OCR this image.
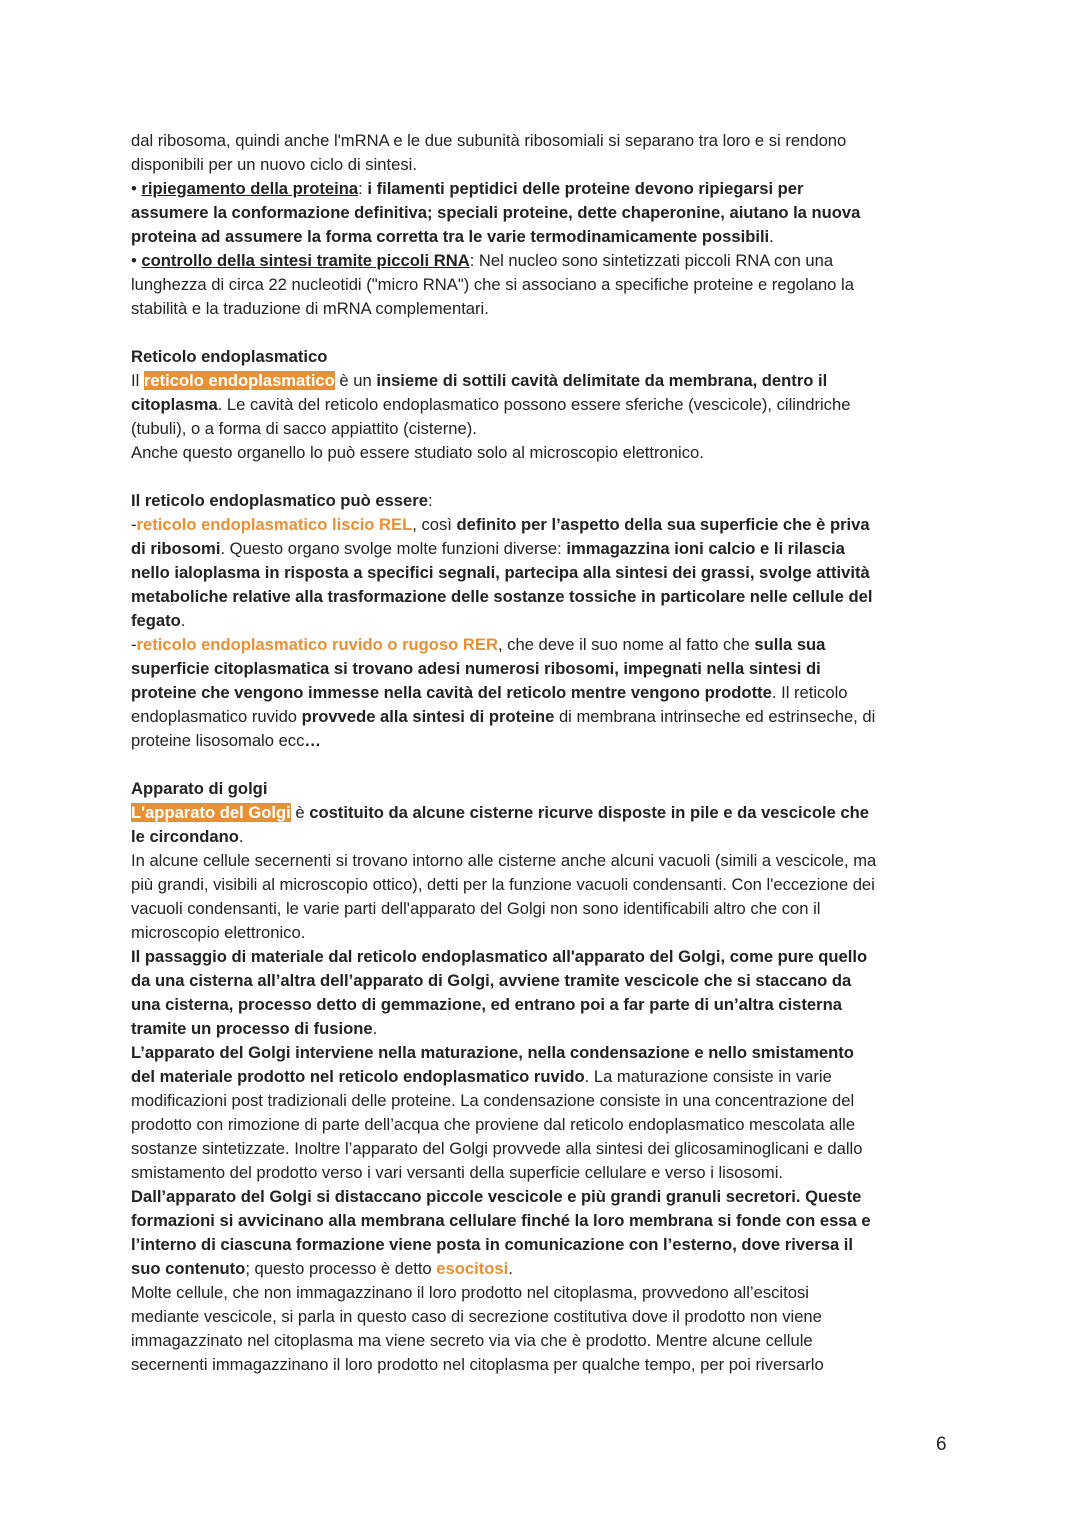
dal ribosoma, quindi anche l'mRNA e le due subunità ribosomiali si separano tra loro e si rendono
disponibili per un nuovo ciclo di sintesi.
• ripiegamento della proteina: i filamenti peptidici delle proteine devono ripiegarsi per
assumere la conformazione definitiva; speciali proteine, dette chaperonine, aiutano la nuova
proteina ad assumere la forma corretta tra le varie termodinamicamente possibili.
• controllo della sintesi tramite piccoli RNA: Nel nucleo sono sintetizzati piccoli RNA con una
lunghezza di circa 22 nucleotidi ("micro RNA") che si associano a specifiche proteine e regolano la
stabilità e la traduzione di mRNA complementari.
Reticolo endoplasmatico
Il reticolo endoplasmatico è un insieme di sottili cavità delimitate da membrana, dentro il
citoplasma. Le cavità del reticolo endoplasmatico possono essere sferiche (vescicole), cilindriche
(tubuli), o a forma di sacco appiattito (cisterne).
Anche questo organello lo può essere studiato solo al microscopio elettronico.
Il reticolo endoplasmatico può essere:
-reticolo endoplasmatico liscio REL, così definito per l’aspetto della sua superficie che è priva
di ribosomi. Questo organo svolge molte funzioni diverse: immagazzina ioni calcio e li rilascia
nello ialoplasma in risposta a specifici segnali, partecipa alla sintesi dei grassi, svolge attività
metaboliche relative alla trasformazione delle sostanze tossiche in particolare nelle cellule del
fegato.
-reticolo endoplasmatico ruvido o rugoso RER, che deve il suo nome al fatto che sulla sua
superficie citoplasmatica si trovano adesi numerosi ribosomi, impegnati nella sintesi di
proteine che vengono immesse nella cavità del reticolo mentre vengono prodotte. Il reticolo
endoplasmatico ruvido provvede alla sintesi di proteine di membrana intrinseche ed estrinseche, di
proteine lisosomalo ecc…
Apparato di golgi
L'apparato del Golgi è costituito da alcune cisterne ricurve disposte in pile e da vescicole che
le circondano.
In alcune cellule secernenti si trovano intorno alle cisterne anche alcuni vacuoli (simili a vescicole, ma
più grandi, visibili al microscopio ottico), detti per la funzione vacuoli condensanti. Con l'eccezione dei
vacuoli condensanti, le varie parti dell'apparato del Golgi non sono identificabili altro che con il
microscopio elettronico.
Il passaggio di materiale dal reticolo endoplasmatico all'apparato del Golgi, come pure quello
da una cisterna all’altra dell’apparato di Golgi, avviene tramite vescicole che si staccano da
una cisterna, processo detto di gemmazione, ed entrano poi a far parte di un’altra cisterna
tramite un processo di fusione.
L’apparato del Golgi interviene nella maturazione, nella condensazione e nello smistamento
del materiale prodotto nel reticolo endoplasmatico ruvido. La maturazione consiste in varie
modificazioni post tradizionali delle proteine. La condensazione consiste in una concentrazione del
prodotto con rimozione di parte dell’acqua che proviene dal reticolo endoplasmatico mescolata alle
sostanze sintetizzate. Inoltre l’apparato del Golgi provvede alla sintesi dei glicosaminoglicani e dallo
smistamento del prodotto verso i vari versanti della superficie cellulare e verso i lisosomi.
Dall’apparato del Golgi si distaccano piccole vescicole e più grandi granuli secretori. Queste
formazioni si avvicinano alla membrana cellulare finché la loro membrana si fonde con essa e
l’interno di ciascuna formazione viene posta in comunicazione con l’esterno, dove riversa il
suo contenuto; questo processo è detto esocitosi.
Molte cellule, che non immagazzinano il loro prodotto nel citoplasma, provvedono all’escitosi
mediante vescicole, si parla in questo caso di secrezione costitutiva dove il prodotto non viene
immagazzinato nel citoplasma ma viene secreto via via che è prodotto. Mentre alcune cellule
secernenti immagazzinano il loro prodotto nel citoplasma per qualche tempo, per poi riversarlo
6
